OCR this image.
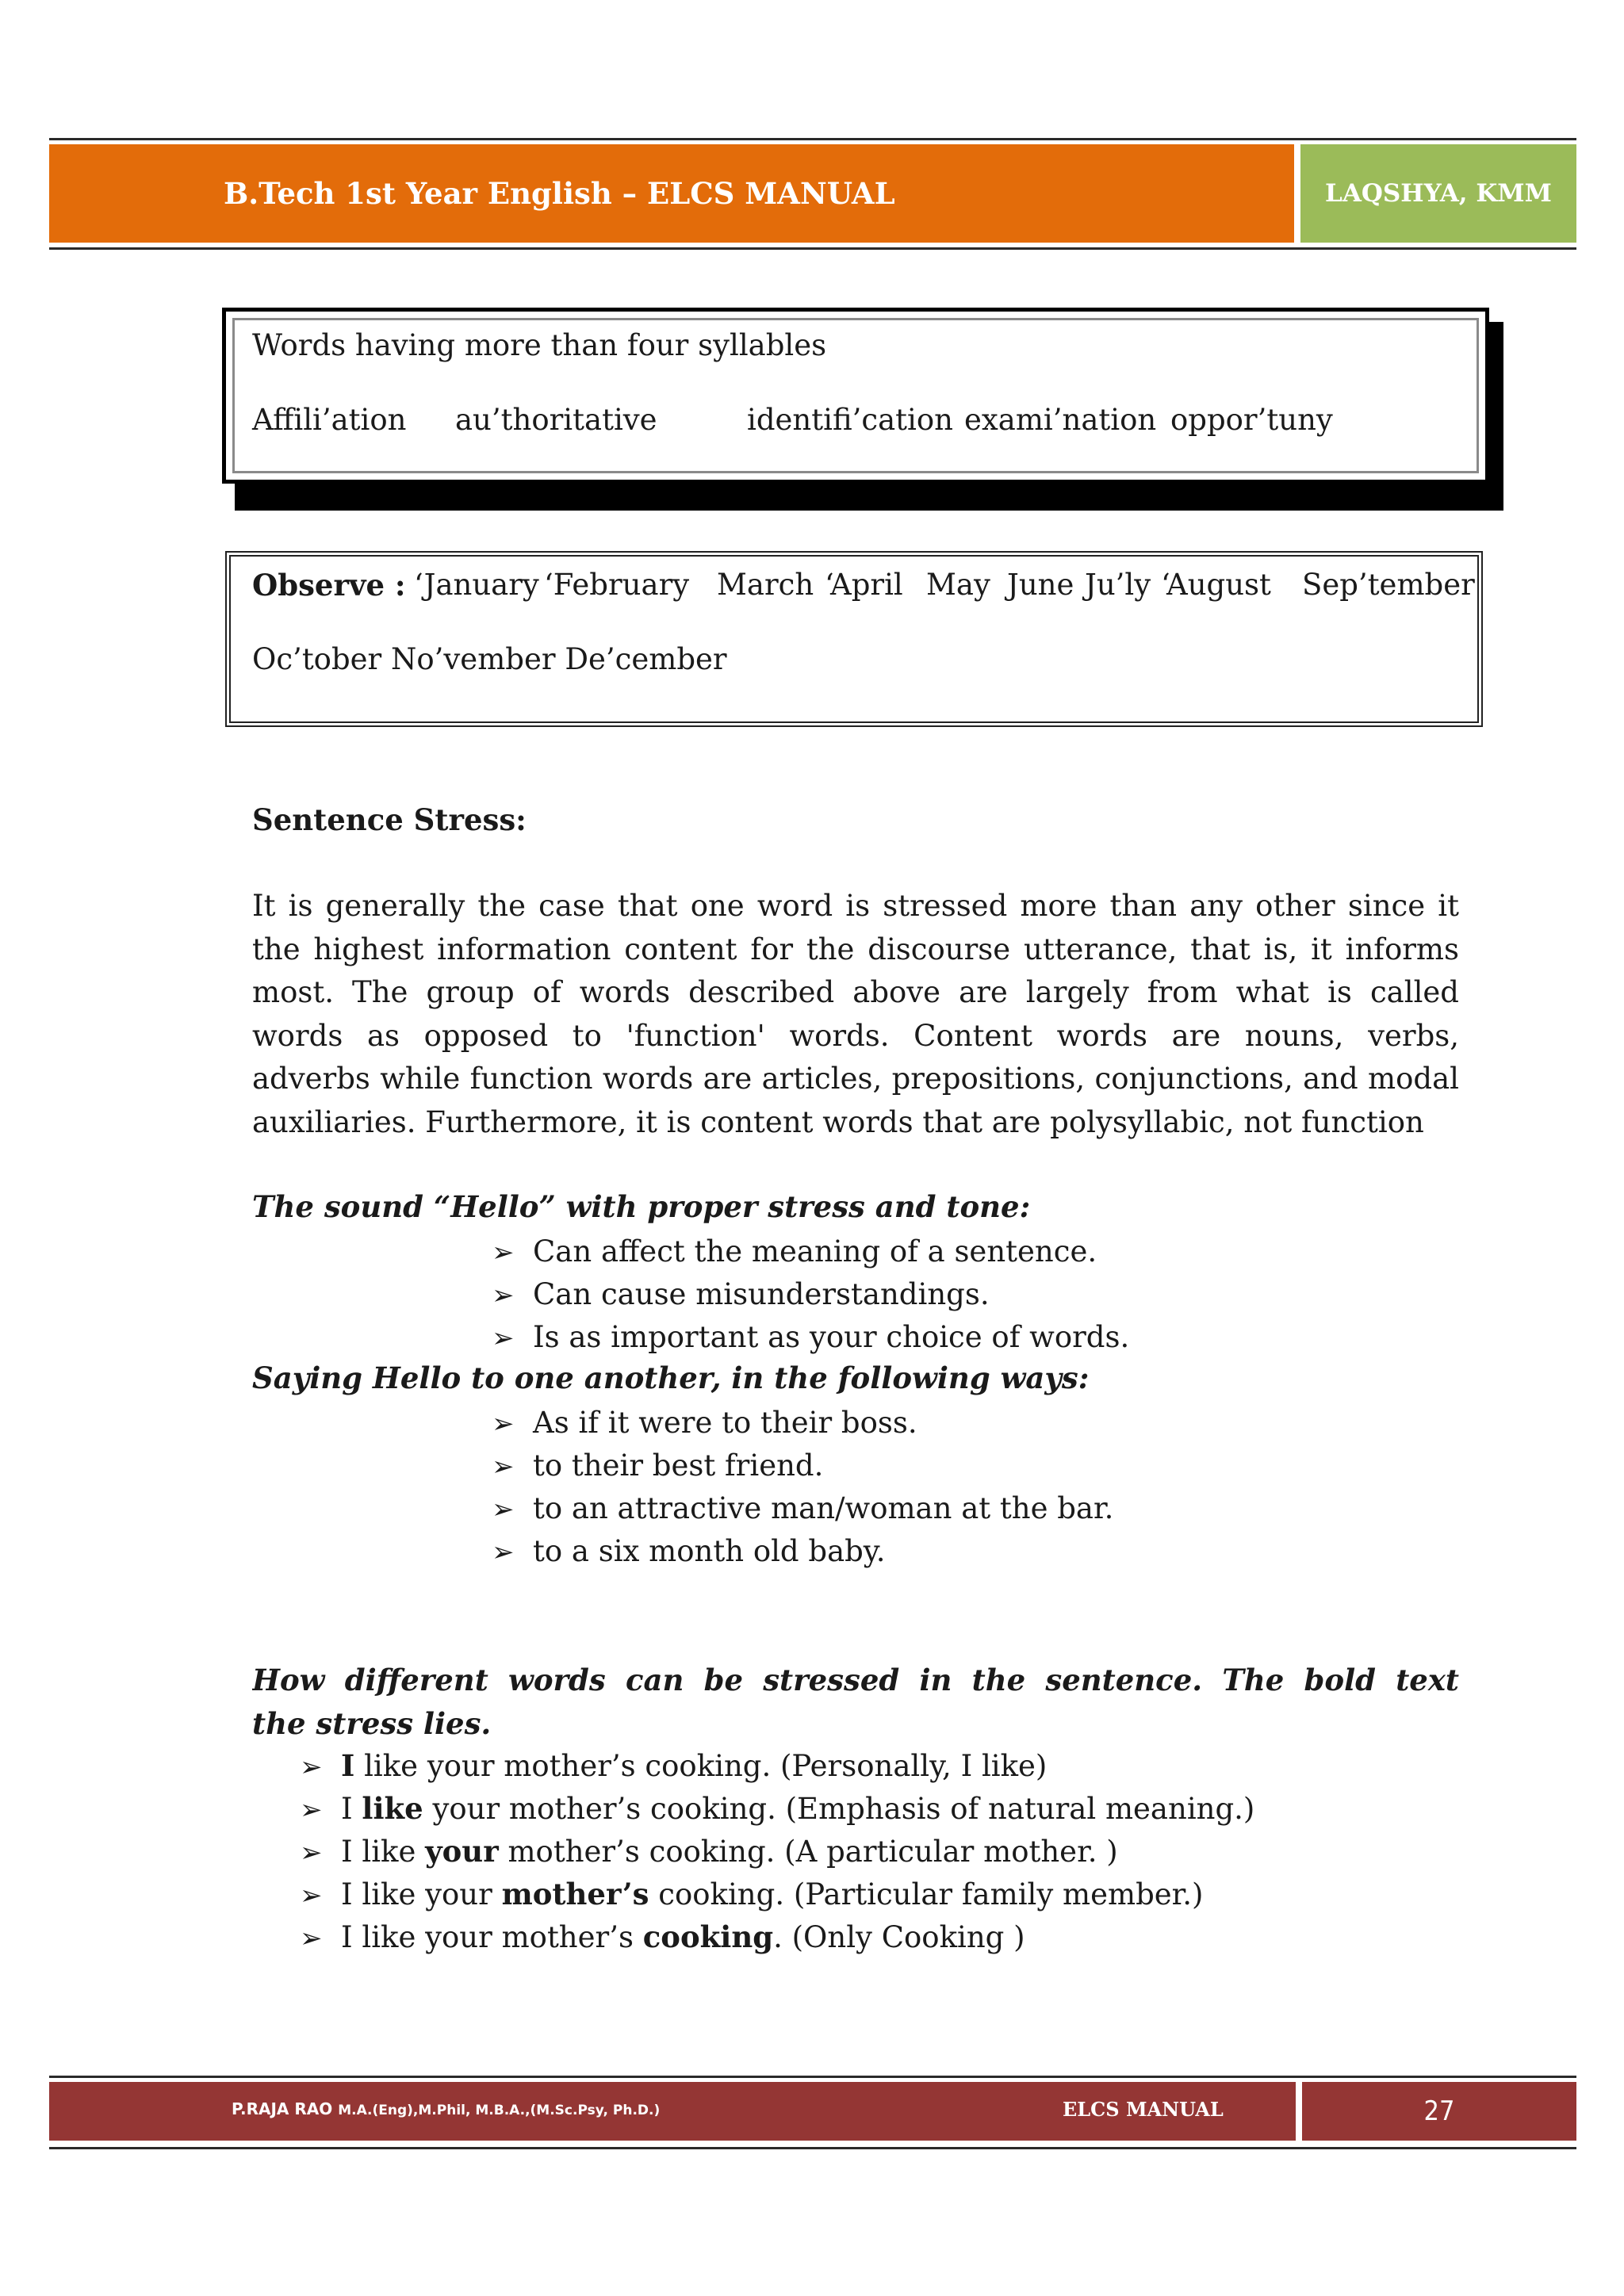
B.Tech 1st Year English – ELCS MANUAL	LAQSHYA, KMM
Words having more than four syllables
Affili’ation au’thoritative	identifi’cation exami’nation oppor’tuny
Observe : ‘January ‘February March ‘April May June Ju’ly ‘August Sep’tember
Oc’tober No’vember De’cember
Sentence Stress:
It is generally the case that one word is stressed more than any other since it
the highest information content for the discourse utterance, that is, it informs
most. The group of words described above are largely from what is called
words as opposed to 'function' words. Content words are nouns, verbs,
adverbs while function words are articles, prepositions, conjunctions, and modal
auxiliaries. Furthermore, it is content words that are polysyllabic, not function
The sound “Hello” with proper stress and tone:
➢ Can affect the meaning of a sentence.
➢ Can cause misunderstandings.
➢ Is as important as your choice of words.
Saying Hello to one another, in the following ways:
➢ As if it were to their boss.
➢ to their best friend.
➢ to an attractive man/woman at the bar.
➢ to a six month old baby.
How different words can be stressed in the sentence. The bold text
the stress lies.
➢ I like your mother’s cooking. (Personally, I like)
➢ I like your mother’s cooking. (Emphasis of natural meaning.)
➢ I like your mother’s cooking. (A particular mother. )
➢ I like your mother’s cooking. (Particular family member.)
➢ I like your mother’s cooking. (Only Cooking )
P.RAJA RAO M.A.(Eng),M.Phil, M.B.A.,(M.Sc.Psy, Ph.D.)	ELCS MANUAL	27
